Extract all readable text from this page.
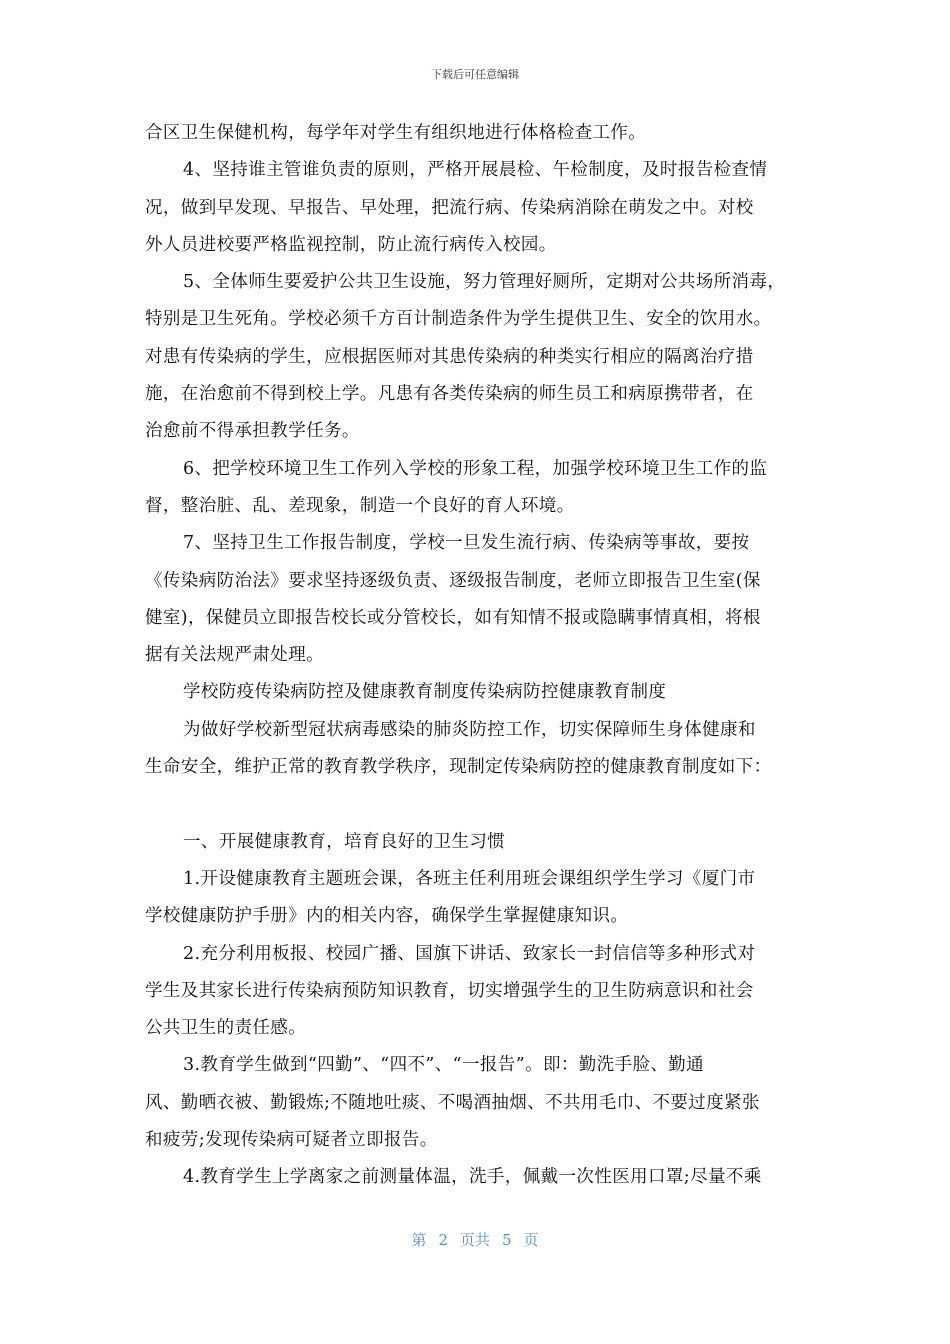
下载后可任意编辑
合区卫生保健机构，每学年对学生有组织地进行体格检查工作。
4、坚持谁主管谁负责的原则，严格开展晨检、午检制度，及时报告检查情
况，做到早发现、早报告、早处理，把流行病、传染病消除在萌发之中。对校
外人员进校要严格监视控制，防止流行病传入校园。
5、全体师生要爱护公共卫生设施，努力管理好厕所，定期对公共场所消毒，
特别是卫生死角。学校必须千方百计制造条件为学生提供卫生、安全的饮用水。
对患有传染病的学生，应根据医师对其患传染病的种类实行相应的隔离治疗措
施，在治愈前不得到校上学。凡患有各类传染病的师生员工和病原携带者，在
治愈前不得承担教学任务。
6、把学校环境卫生工作列入学校的形象工程，加强学校环境卫生工作的监
督，整治脏、乱、差现象，制造一个良好的育人环境。
7、坚持卫生工作报告制度，学校一旦发生流行病、传染病等事故，要按
《传染病防治法》要求坚持逐级负责、逐级报告制度，老师立即报告卫生室(保
健室)，保健员立即报告校长或分管校长，如有知情不报或隐瞒事情真相，将根
据有关法规严肃处理。
学校防疫传染病防控及健康教育制度传染病防控健康教育制度
为做好学校新型冠状病毒感染的肺炎防控工作，切实保障师生身体健康和
生命安全，维护正常的教育教学秩序，现制定传染病防控的健康教育制度如下：
一、开展健康教育，培育良好的卫生习惯
1.开设健康教育主题班会课，各班主任利用班会课组织学生学习《厦门市
学校健康防护手册》内的相关内容，确保学生掌握健康知识。
2.充分利用板报、校园广播、国旗下讲话、致家长一封信信等多种形式对
学生及其家长进行传染病预防知识教育，切实增强学生的卫生防病意识和社会
公共卫生的责任感。
3.教育学生做到“四勤”、“四不”、“一报告”。即：勤洗手脸、勤通
风、勤晒衣被、勤锻炼;不随地吐痰、不喝酒抽烟、不共用毛巾、不要过度紧张
和疲劳;发现传染病可疑者立即报告。
4.教育学生上学离家之前测量体温，洗手，佩戴一次性医用口罩;尽量不乘
第 2 页共 5 页
